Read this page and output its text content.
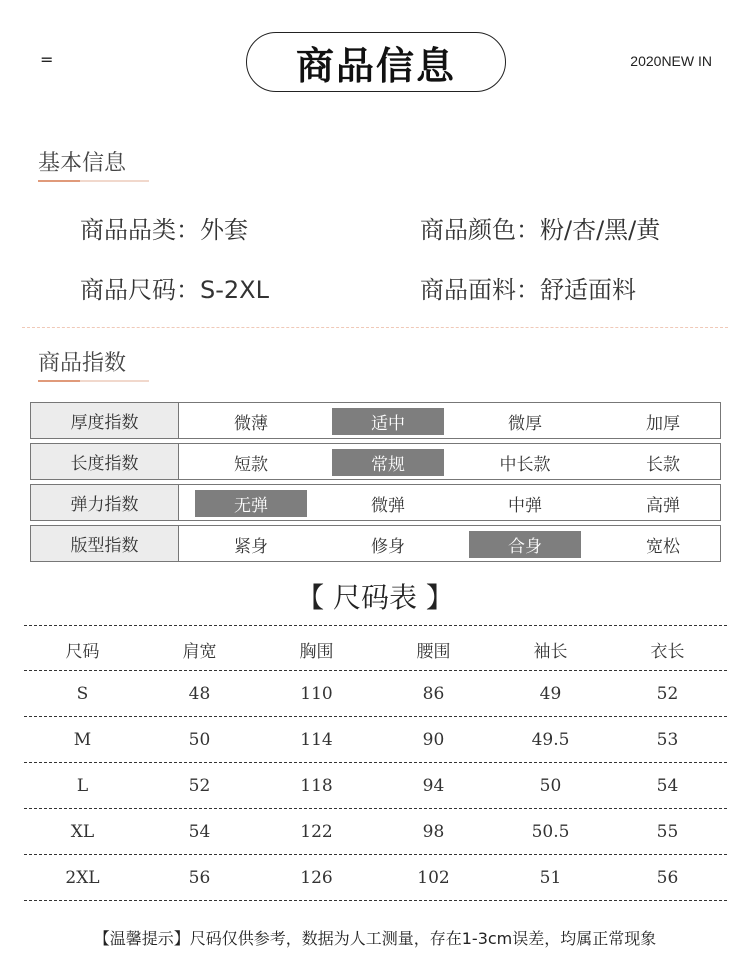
=	商品信息	2020NEW IN
基本信息
商品品类：外套	商品颜色：粉/杏/黑/黄
商品尺码：S-2XL	商品面料：舒适面料
商品指数
厚度指数	微薄	适中	微厚	加厚
长度指数	短款	常规	中长款	长款
弹力指数	无弹	微弹	中弹	高弹
版型指数	紧身	修身	合身	宽松
【 尺码表 】
尺码	肩宽	胸围	腰围	袖长	衣长
S	48	110	86	49	52
M	50	114	90	49.5	53
L	52	118	94	50	54
XL	54	122	98	50.5	55
2XL	56	126	102	51	56
【温馨提示】尺码仅供参考，数据为人工测量，存在1-3cm误差，均属正常现象
